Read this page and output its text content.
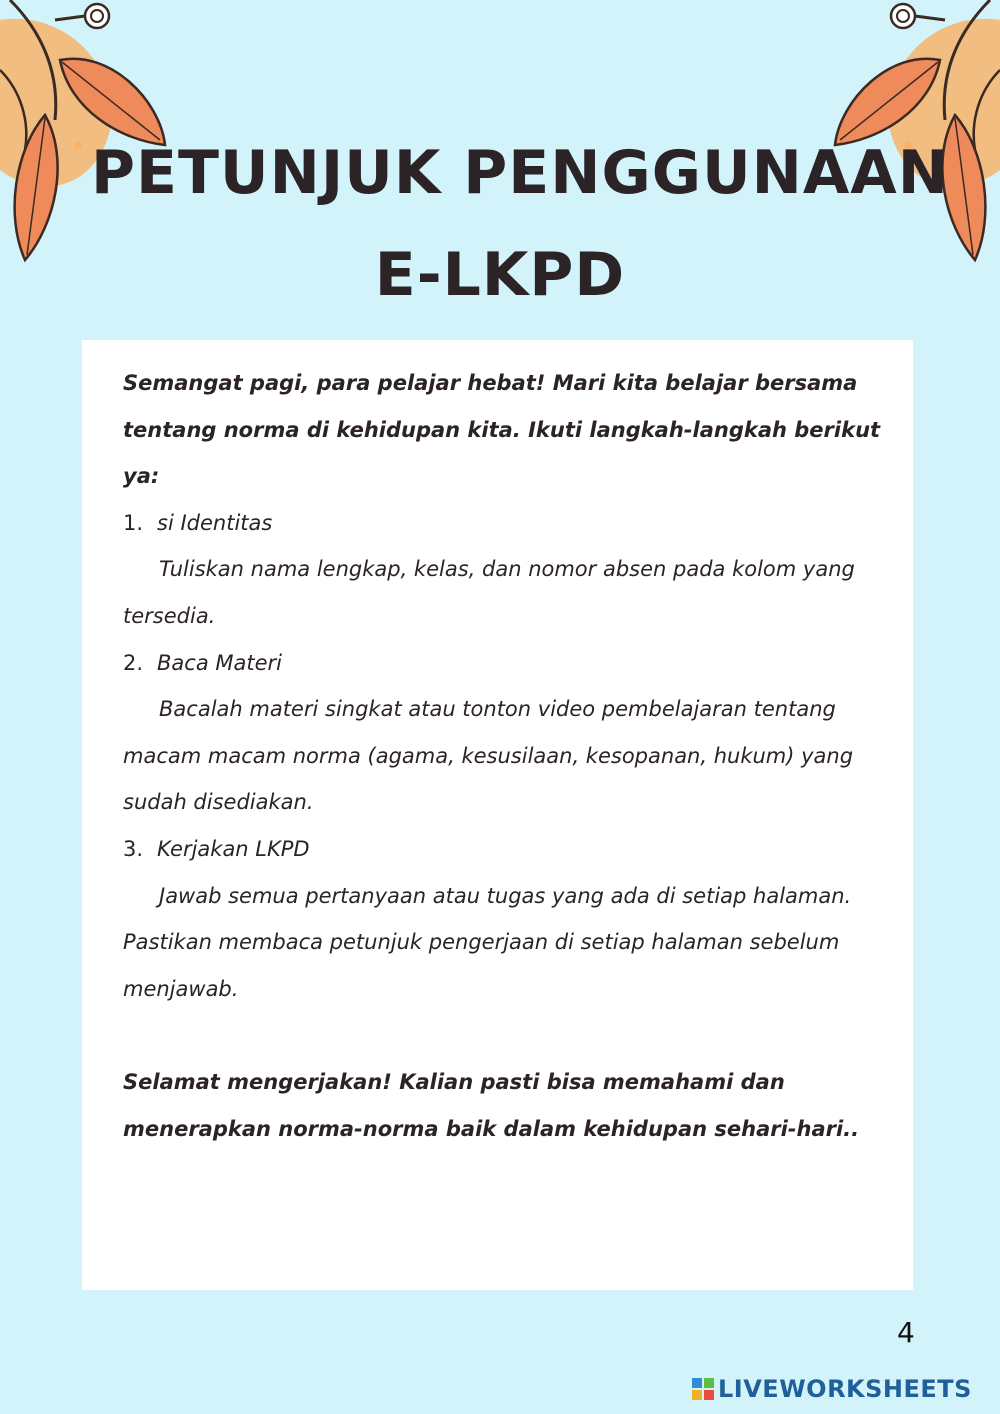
PETUNJUK PENGGUNAAN
E-LKPD

Semangat pagi, para pelajar hebat! Mari kita belajar bersama tentang norma di kehidupan kita. Ikuti langkah-langkah berikut ya:

1. si Identitas

Tuliskan nama lengkap, kelas, dan nomor absen pada kolom yang tersedia.

2. Baca Materi

Bacalah materi singkat atau tonton video pembelajaran tentang macam macam norma (agama, kesusilaan, kesopanan, hukum) yang sudah disediakan.

3. Kerjakan LKPD

Jawab semua pertanyaan atau tugas yang ada di setiap halaman. Pastikan membaca petunjuk pengerjaan di setiap halaman sebelum menjawab.

Selamat mengerjakan! Kalian pasti bisa memahami dan menerapkan norma-norma baik dalam kehidupan sehari-hari..

4
LIVEWORKSHEETS
